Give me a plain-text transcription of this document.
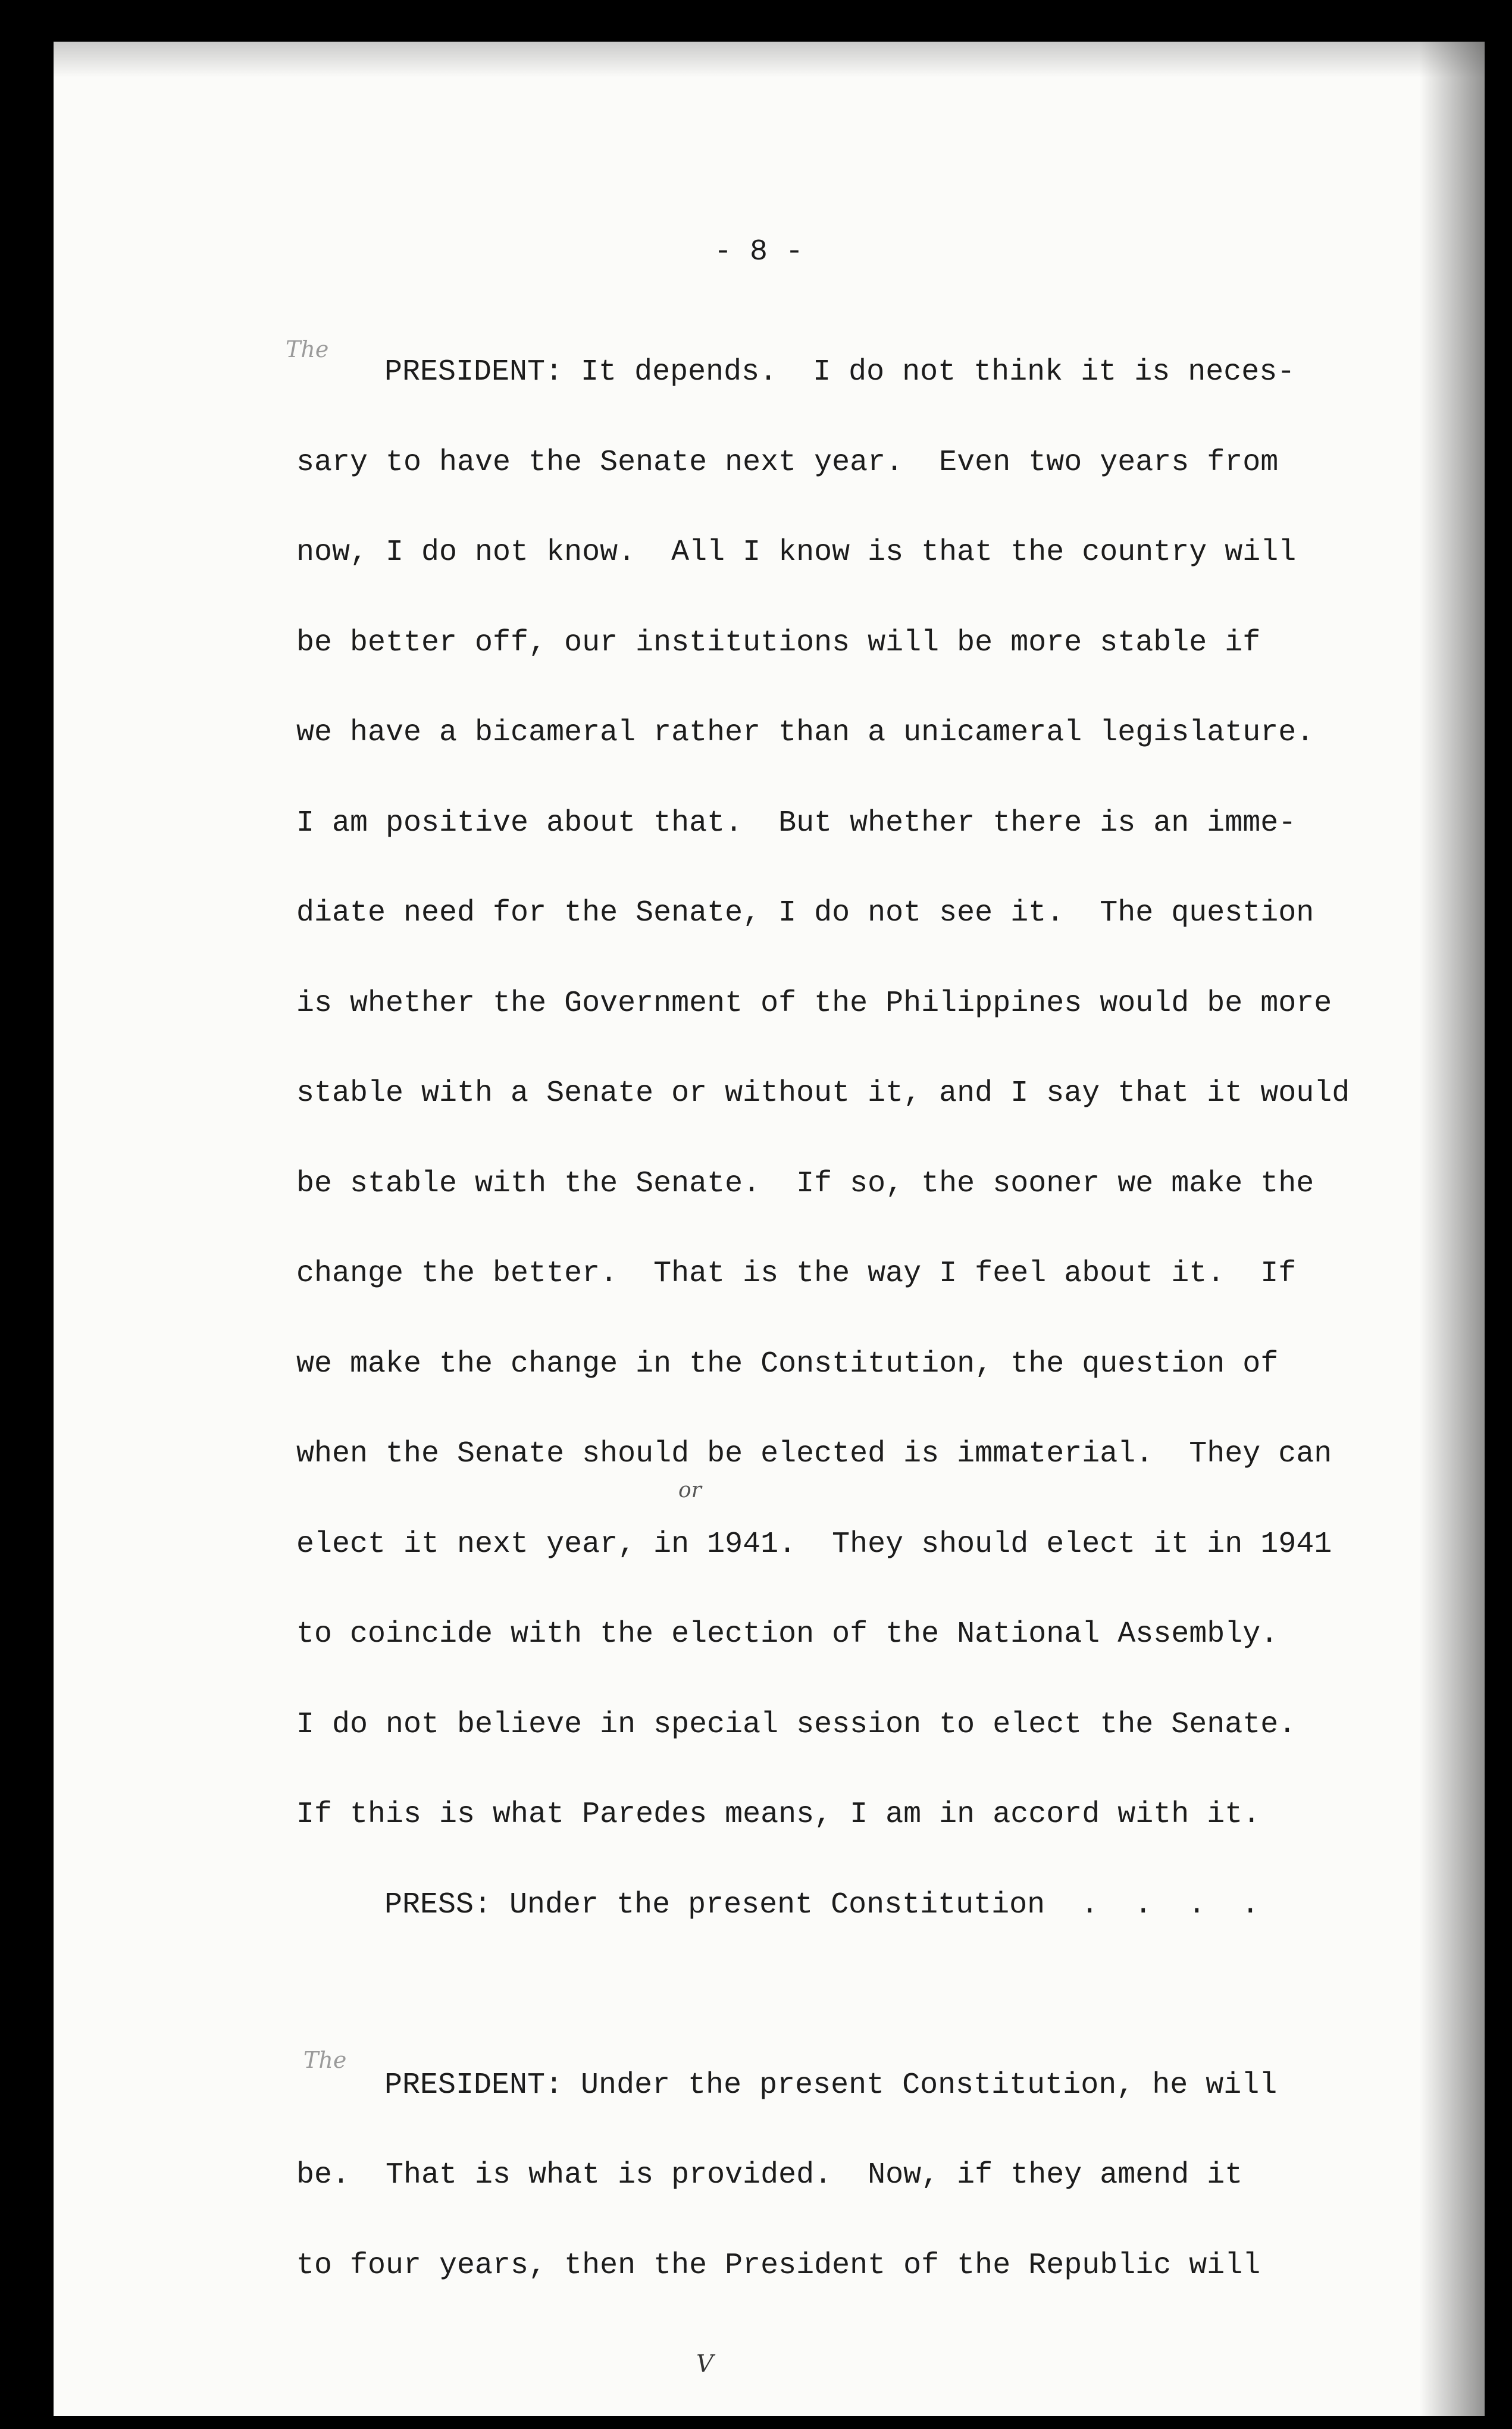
- 8 -
The
or
The
V
PRESIDENT: It depends.  I do not think it is neces-
sary to have the Senate next year.  Even two years from
now, I do not know.  All I know is that the country will
be better off, our institutions will be more stable if
we have a bicameral rather than a unicameral legislature.
I am positive about that.  But whether there is an imme-
diate need for the Senate, I do not see it.  The question
is whether the Government of the Philippines would be more
stable with a Senate or without it, and I say that it would
be stable with the Senate.  If so, the sooner we make the
change the better.  That is the way I feel about it.  If
we make the change in the Constitution, the question of
when the Senate should be elected is immaterial.  They can
elect it next year, in 1941.  They should elect it in 1941
to coincide with the election of the National Assembly.
I do not believe in special session to elect the Senate.
If this is what Paredes means, I am in accord with it.
PRESS: Under the present Constitution  .  .  .  .
PRESIDENT: Under the present Constitution, he will
be.  That is what is provided.  Now, if they amend it
to four years, then the President of the Republic will
